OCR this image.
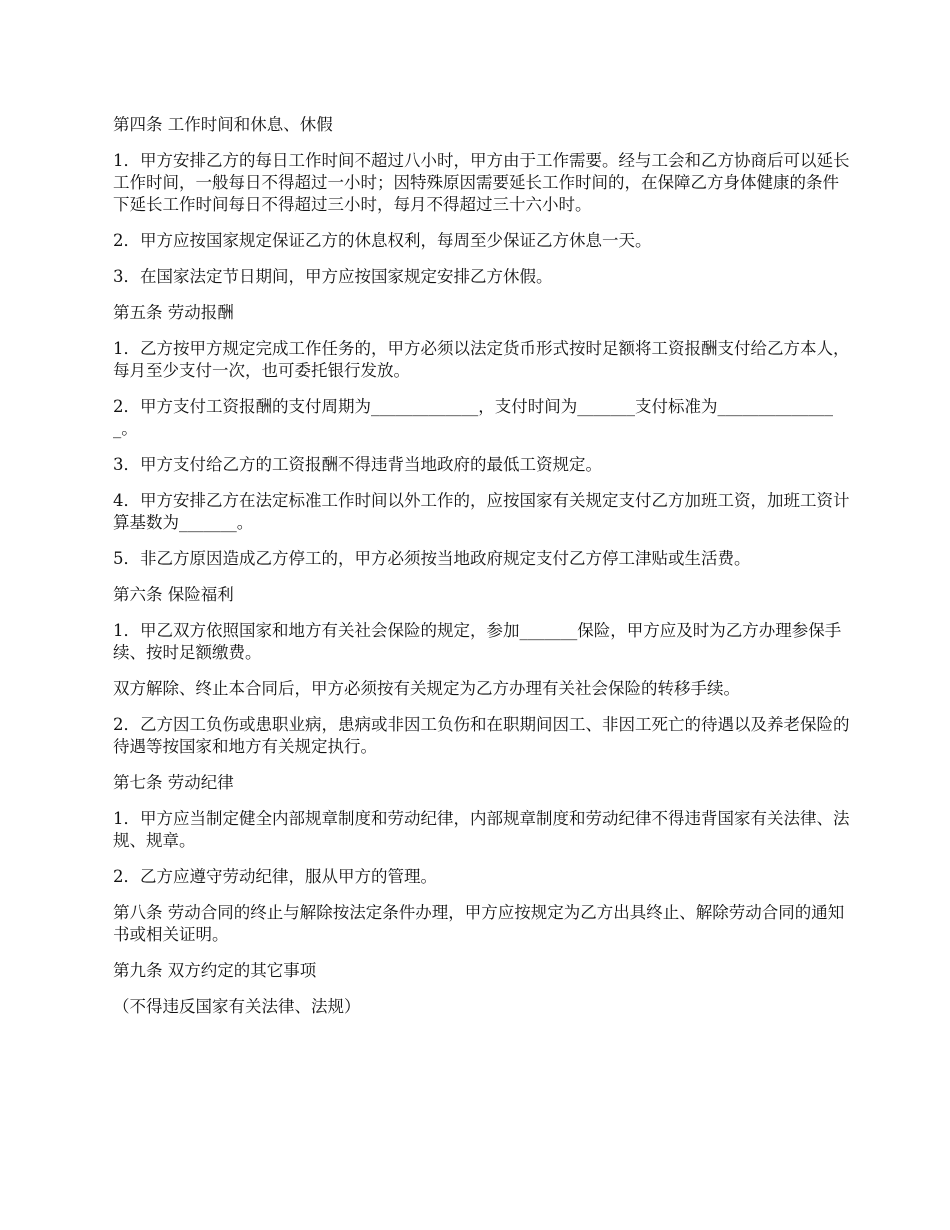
第四条 工作时间和休息、休假

1．甲方安排乙方的每日工作时间不超过八小时，甲方由于工作需要。经与工会和乙方协商后可以延长工作时间，一般每日不得超过一小时；因特殊原因需要延长工作时间的，在保障乙方身体健康的条件下延长工作时间每日不得超过三小时，每月不得超过三十六小时。

2．甲方应按国家规定保证乙方的休息权利，每周至少保证乙方休息一天。

3．在国家法定节日期间，甲方应按国家规定安排乙方休假。

第五条 劳动报酬

1．乙方按甲方规定完成工作任务的，甲方必须以法定货币形式按时足额将工资报酬支付给乙方本人，每月至少支付一次，也可委托银行发放。

2．甲方支付工资报酬的支付周期为_____________，支付时间为_______支付标准为_______________。

3．甲方支付给乙方的工资报酬不得违背当地政府的最低工资规定。

4．甲方安排乙方在法定标准工作时间以外工作的，应按国家有关规定支付乙方加班工资，加班工资计算基数为_______。

5．非乙方原因造成乙方停工的，甲方必须按当地政府规定支付乙方停工津贴或生活费。

第六条 保险福利

1．甲乙双方依照国家和地方有关社会保险的规定，参加_______保险，甲方应及时为乙方办理参保手续、按时足额缴费。

双方解除、终止本合同后，甲方必须按有关规定为乙方办理有关社会保险的转移手续。

2．乙方因工负伤或患职业病，患病或非因工负伤和在职期间因工、非因工死亡的待遇以及养老保险的待遇等按国家和地方有关规定执行。

第七条 劳动纪律

1．甲方应当制定健全内部规章制度和劳动纪律，内部规章制度和劳动纪律不得违背国家有关法律、法规、规章。

2．乙方应遵守劳动纪律，服从甲方的管理。

第八条 劳动合同的终止与解除按法定条件办理，甲方应按规定为乙方出具终止、解除劳动合同的通知书或相关证明。

第九条 双方约定的其它事项

（不得违反国家有关法律、法规）
